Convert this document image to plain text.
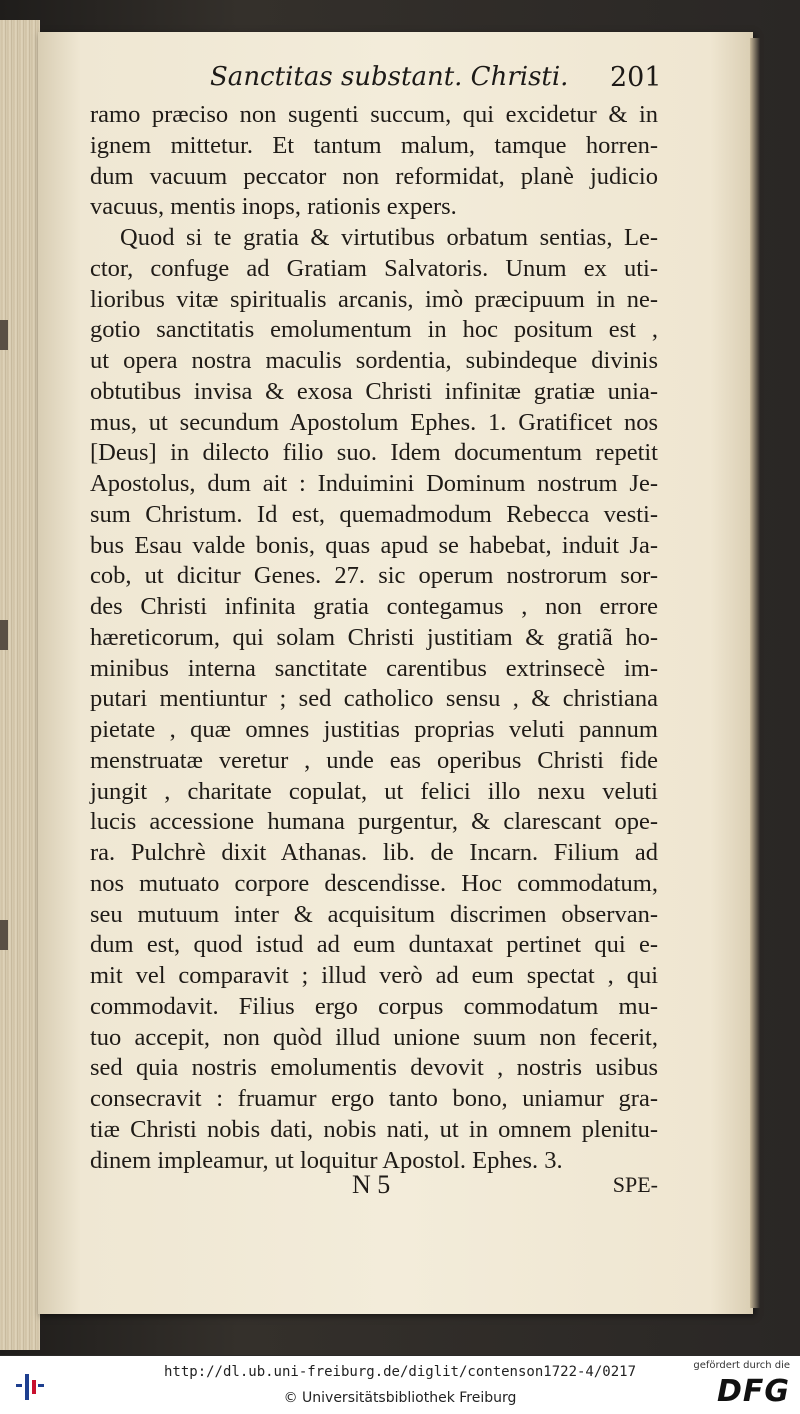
Sanctitas substant. Christi.	201
ramo præciso non sugenti succum, qui excidetur & in
ignem mittetur. Et tantum malum, tamque horren-
dum vacuum peccator non reformidat, planè judicio
vacuus, mentis inops, rationis expers.
Quod si te gratia & virtutibus orbatum sentias, Le-
ctor, confuge ad Gratiam Salvatoris. Unum ex uti-
lioribus vitæ spiritualis arcanis, imò præcipuum in ne-
gotio sanctitatis emolumentum in hoc positum est ,
ut opera nostra maculis sordentia, subindeque divinis
obtutibus invisa & exosa Christi infinitæ gratiæ unia-
mus, ut secundum Apostolum Ephes. 1. Gratificet nos
[Deus] in dilecto filio suo. Idem documentum repetit
Apostolus, dum ait : Induimini Dominum nostrum Je-
sum Christum. Id est, quemadmodum Rebecca vesti-
bus Esau valde bonis, quas apud se habebat, induit Ja-
cob, ut dicitur Genes. 27. sic operum nostrorum sor-
des Christi infinita gratia contegamus , non errore
hæreticorum, qui solam Christi justitiam & gratiã ho-
minibus interna sanctitate carentibus extrinsecè im-
putari mentiuntur ; sed catholico sensu , & christiana
pietate , quæ omnes justitias proprias veluti pannum
menstruatæ veretur , unde eas operibus Christi fide
jungit , charitate copulat, ut felici illo nexu veluti
lucis accessione humana purgentur, & clarescant ope-
ra. Pulchrè dixit Athanas. lib. de Incarn. Filium ad
nos mutuato corpore descendisse. Hoc commodatum,
seu mutuum inter & acquisitum discrimen observan-
dum est, quod istud ad eum duntaxat pertinet qui e-
mit vel comparavit ; illud verò ad eum spectat , qui
commodavit. Filius ergo corpus commodatum mu-
tuo accepit, non quòd illud unione suum non fecerit,
sed quia nostris emolumentis devovit , nostris usibus
consecravit : fruamur ergo tanto bono, uniamur gra-
tiæ Christi nobis dati, nobis nati, ut in omnem plenitu-
dinem impleamur, ut loquitur Apostol. Ephes. 3.
N 5	SPE-
http://dl.ub.uni-freiburg.de/diglit/contenson1722-4/0217
© Universitätsbibliothek Freiburg
gefördert durch die
DFG
